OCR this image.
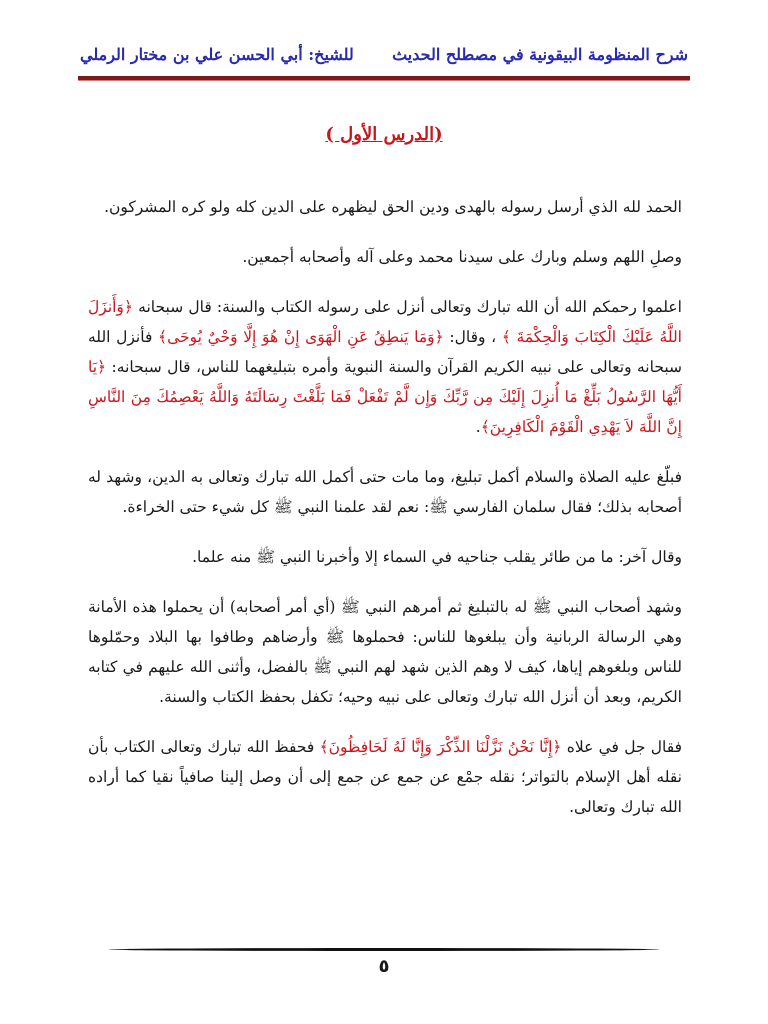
شرح المنظومة البيقونية في مصطلح الحديث
للشيخ: أبي الحسن علي بن مختار الرملي
(الدرس الأول )

الحمد لله الذي أرسل رسوله بالهدى ودين الحق ليظهره على الدين كله ولو كره المشركون.

وصلِ اللهم وسلم وبارك على سيدنا محمد وعلى آله وأصحابه أجمعين.

اعلموا رحمكم الله أن الله تبارك وتعالى أنزل على رسوله الكتاب والسنة: قال سبحانه ﴿وَأَنزَلَ اللَّهُ عَلَيْكَ الْكِتَابَ وَالْحِكْمَةَ ﴾ ، وقال: ﴿وَمَا يَنطِقُ عَنِ الْهَوَى إِنْ هُوَ إِلَّا وَحْيٌ يُوحَى﴾ فأنزل الله سبحانه وتعالى على نبيه الكريم القرآن والسنة النبوية وأمره بتبليغهما للناس، قال سبحانه: ﴿يَا أَيُّهَا الرَّسُولُ بَلِّغْ مَا أُنزِلَ إِلَيْكَ مِن رَّبِّكَ وَإِن لَّمْ تَفْعَلْ فَمَا بَلَّغْتَ رِسَالَتَهُ وَاللَّهُ يَعْصِمُكَ مِنَ النَّاسِ إِنَّ اللَّهَ لاَ يَهْدِي الْقَوْمَ الْكَافِرِينَ﴾.

فبلّغ عليه الصلاة والسلام أكمل تبليغ، وما مات حتى أكمل الله تبارك وتعالى به الدين، وشهد له أصحابه بذلك؛ فقال سلمان الفارسي ﷺ: نعم لقد علمنا النبي ﷺ كل شيء حتى الخراءة.

وقال آخر: ما من طائر يقلب جناحيه في السماء إلا وأخبرنا النبي ﷺ منه علما.

وشهد أصحاب النبي ﷺ له بالتبليغ ثم أمرهم النبي ﷺ (أي أمر أصحابه) أن يحملوا هذه الأمانة وهي الرسالة الربانية وأن يبلغوها للناس: فحملوها ﷺ وأرضاهم وطافوا بها البلاد وحمّلوها للناس وبلغوهم إياها، كيف لا وهم الذين شهد لهم النبي ﷺ بالفضل، وأثنى الله عليهم في كتابه الكريم، وبعد أن أنزل الله تبارك وتعالى على نبيه وحيه؛ تكفل بحفظ الكتاب والسنة.

فقال جل في علاه ﴿إِنَّا نَحْنُ نَزَّلْنَا الذِّكْرَ وَإِنَّا لَهُ لَحَافِظُونَ﴾ فحفظ الله تبارك وتعالى الكتاب بأن نقله أهل الإسلام بالتواتر؛ نقله جمْع عن جمع عن جمع إلى أن وصل إلينا صافياً نقيا كما أراده الله تبارك وتعالى.

٥
